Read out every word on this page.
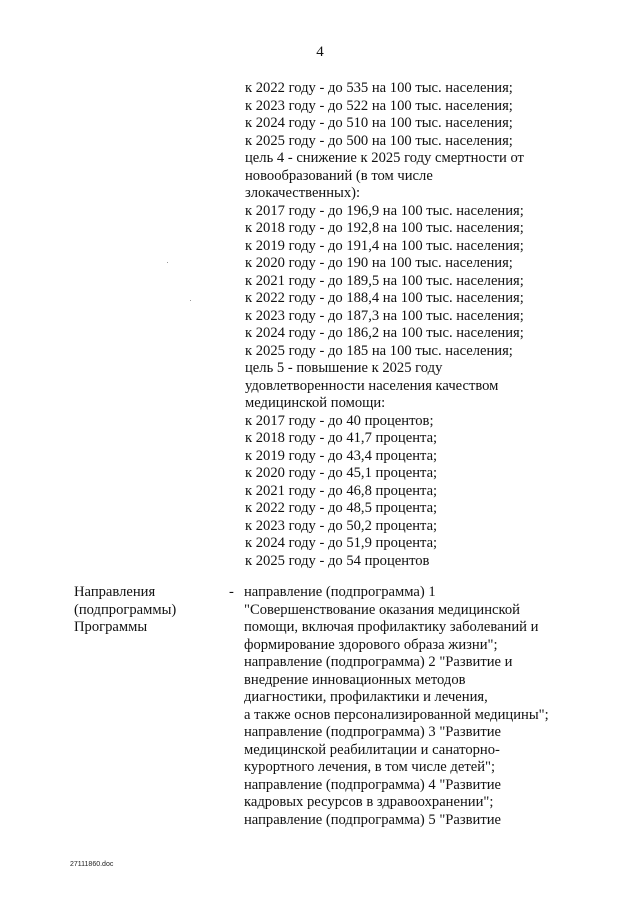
4
к 2022 году - до 535 на 100 тыс. населения;
к 2023 году - до 522 на 100 тыс. населения;
к 2024 году - до 510 на 100 тыс. населения;
к 2025 году - до 500 на 100 тыс. населения;
цель 4 - снижение к 2025 году смертности от
новообразований (в том числе
злокачественных):
к 2017 году - до 196,9 на 100 тыс. населения;
к 2018 году - до 192,8 на 100 тыс. населения;
к 2019 году - до 191,4 на 100 тыс. населения;
к 2020 году - до 190 на 100 тыс. населения;
к 2021 году - до 189,5 на 100 тыс. населения;
к 2022 году - до 188,4 на 100 тыс. населения;
к 2023 году - до 187,3 на 100 тыс. населения;
к 2024 году - до 186,2 на 100 тыс. населения;
к 2025 году - до 185 на 100 тыс. населения;
цель 5 - повышение к 2025 году
удовлетворенности населения качеством
медицинской помощи:
к 2017 году - до 40 процентов;
к 2018 году - до 41,7 процента;
к 2019 году - до 43,4 процента;
к 2020 году - до 45,1 процента;
к 2021 году - до 46,8 процента;
к 2022 году - до 48,5 процента;
к 2023 году - до 50,2 процента;
к 2024 году - до 51,9 процента;
к 2025 году - до 54 процентов
Направления
(подпрограммы)
Программы
- направление (подпрограмма) 1
"Совершенствование оказания медицинской
помощи, включая профилактику заболеваний и
формирование здорового образа жизни";
направление (подпрограмма) 2 "Развитие и
внедрение инновационных методов
диагностики, профилактики и лечения,
а также основ персонализированной медицины";
направление (подпрограмма) 3 "Развитие
медицинской реабилитации и санаторно-
курортного лечения, в том числе детей";
направление (подпрограмма) 4 "Развитие
кадровых ресурсов в здравоохранении";
направление (подпрограмма) 5 "Развитие
27111860.doc
